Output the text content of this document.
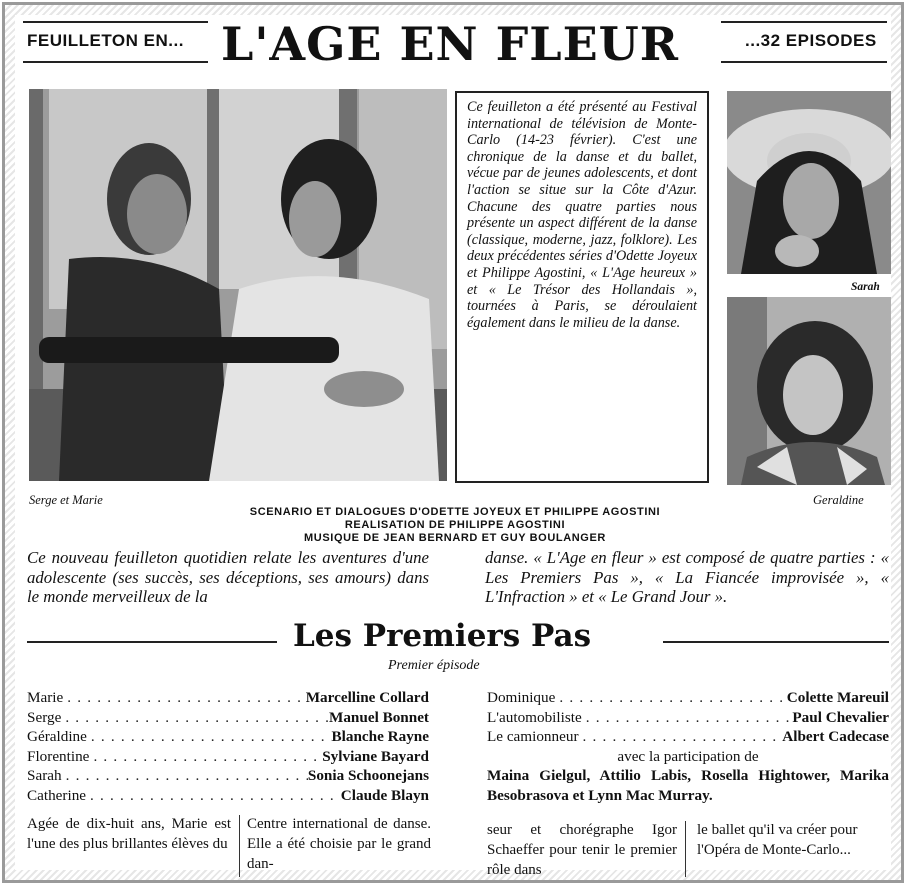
FEUILLETON EN... L'AGE EN FLEUR	...32 EPISODES
Serge et Marie

Ce feuilleton a été présenté au Festival international de télévision de Monte-Carlo (14-23 février). C'est une chronique de la danse et du ballet, vécue par de jeunes adolescents, et dont l'action se situe sur la Côte d'Azur. Chacune des quatre parties nous présente un aspect différent de la danse (classique, moderne, jazz, folklore). Les deux précédentes séries d'Odette Joyeux et Philippe Agostini, « L'Age heureux » et « Le Trésor des Hollandais », tournées à Paris, se déroulaient également dans le milieu de la danse.

Sarah
Geraldine
SCENARIO ET DIALOGUES D'ODETTE JOYEUX ET PHILIPPE AGOSTINI
REALISATION DE PHILIPPE AGOSTINI
MUSIQUE DE JEAN BERNARD ET GUY BOULANGER
Ce nouveau feuilleton quotidien relate les aventures d'une adolescente (ses succès, ses déceptions, ses amours) dans le monde merveilleux de la
danse. « L'Age en fleur » est composé de quatre parties : « Les Premiers Pas », « La Fiancée improvisée », « L'Infraction » et « Le Grand Jour ».
Les Premiers Pas
Premier épisode
Marie . . .	Marcelline Collard
Serge . . .	Manuel Bonnet
Géraldine . . .	Blanche Rayne
Florentine . . .	Sylviane Bayard
Sarah . . .	Sonia Schoonejans
Catherine . . .	Claude Blayn
Dominique . . .	Colette Mareuil
L'automobiliste . . .	Paul Chevalier
Le camionneur . . .	Albert Cadecase
avec la participation de
Maina Gielgul, Attilio Labis, Rosella Hightower, Marika Besobrasova et Lynn Mac Murray.
Agée de dix-huit ans, Marie est l'une des plus brillantes élèves du
Centre international de danse. Elle a été choisie par le grand dan-
seur et chorégraphe Igor Schaeffer pour tenir le premier rôle dans
le ballet qu'il va créer pour l'Opéra de Monte-Carlo...
